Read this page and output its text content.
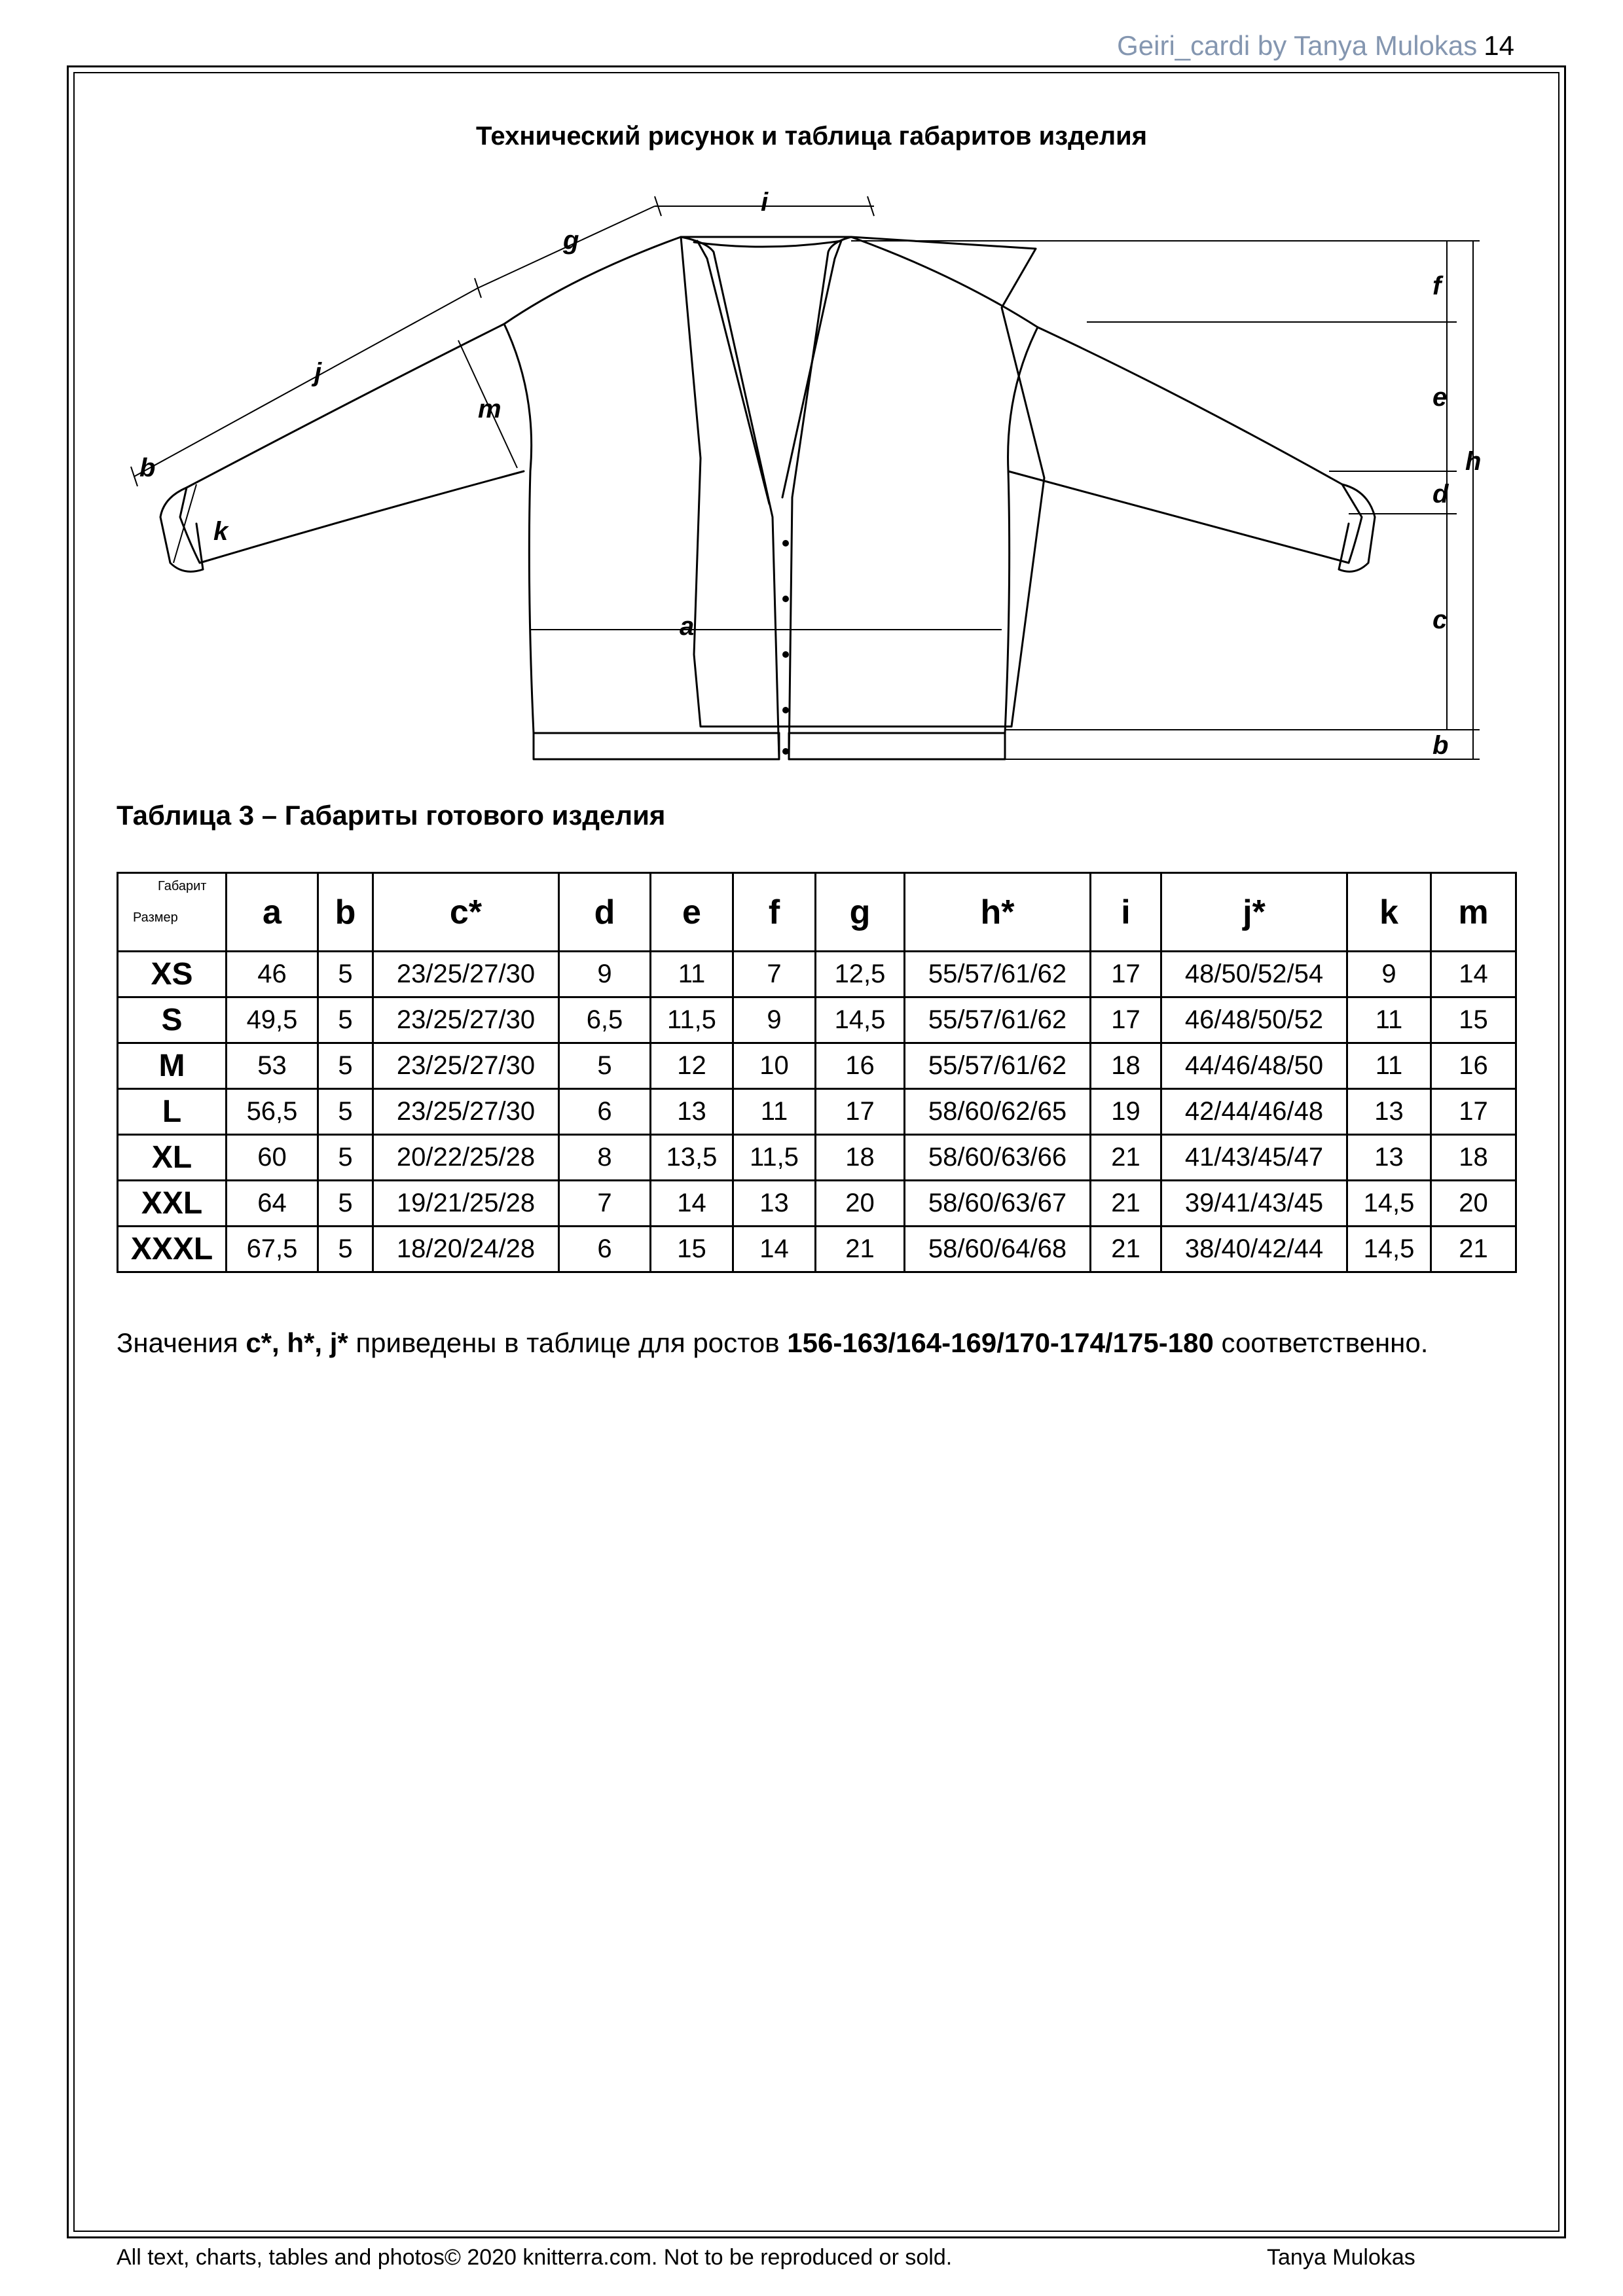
Geiri_cardi by Tanya Mulokas 14
Технический рисунок и таблица габаритов изделия
i
g
j
m
b
k
a
f
e
h
d
c
b
Таблица 3 – Габариты готового изделия
Габарит
Размер	a	b	c*	d	e	f	g	h*	i	j*	k	m
XS	46	5	23/25/27/30	9	11	7	12,5	55/57/61/62	17	48/50/52/54	9	14
S	49,5	5	23/25/27/30	6,5	11,5	9	14,5	55/57/61/62	17	46/48/50/52	11	15
M	53	5	23/25/27/30	5	12	10	16	55/57/61/62	18	44/46/48/50	11	16
L	56,5	5	23/25/27/30	6	13	11	17	58/60/62/65	19	42/44/46/48	13	17
XL	60	5	20/22/25/28	8	13,5	11,5	18	58/60/63/66	21	41/43/45/47	13	18
XXL	64	5	19/21/25/28	7	14	13	20	58/60/63/67	21	39/41/43/45	14,5	20
XXXL	67,5	5	18/20/24/28	6	15	14	21	58/60/64/68	21	38/40/42/44	14,5	21
Значения c*, h*, j* приведены в таблице для ростов 156-163/164-169/170-174/175-180 соответственно.
All text, charts, tables and photos© 2020 knitterra.com. Not to be reproduced or sold.	Tanya Mulokas
